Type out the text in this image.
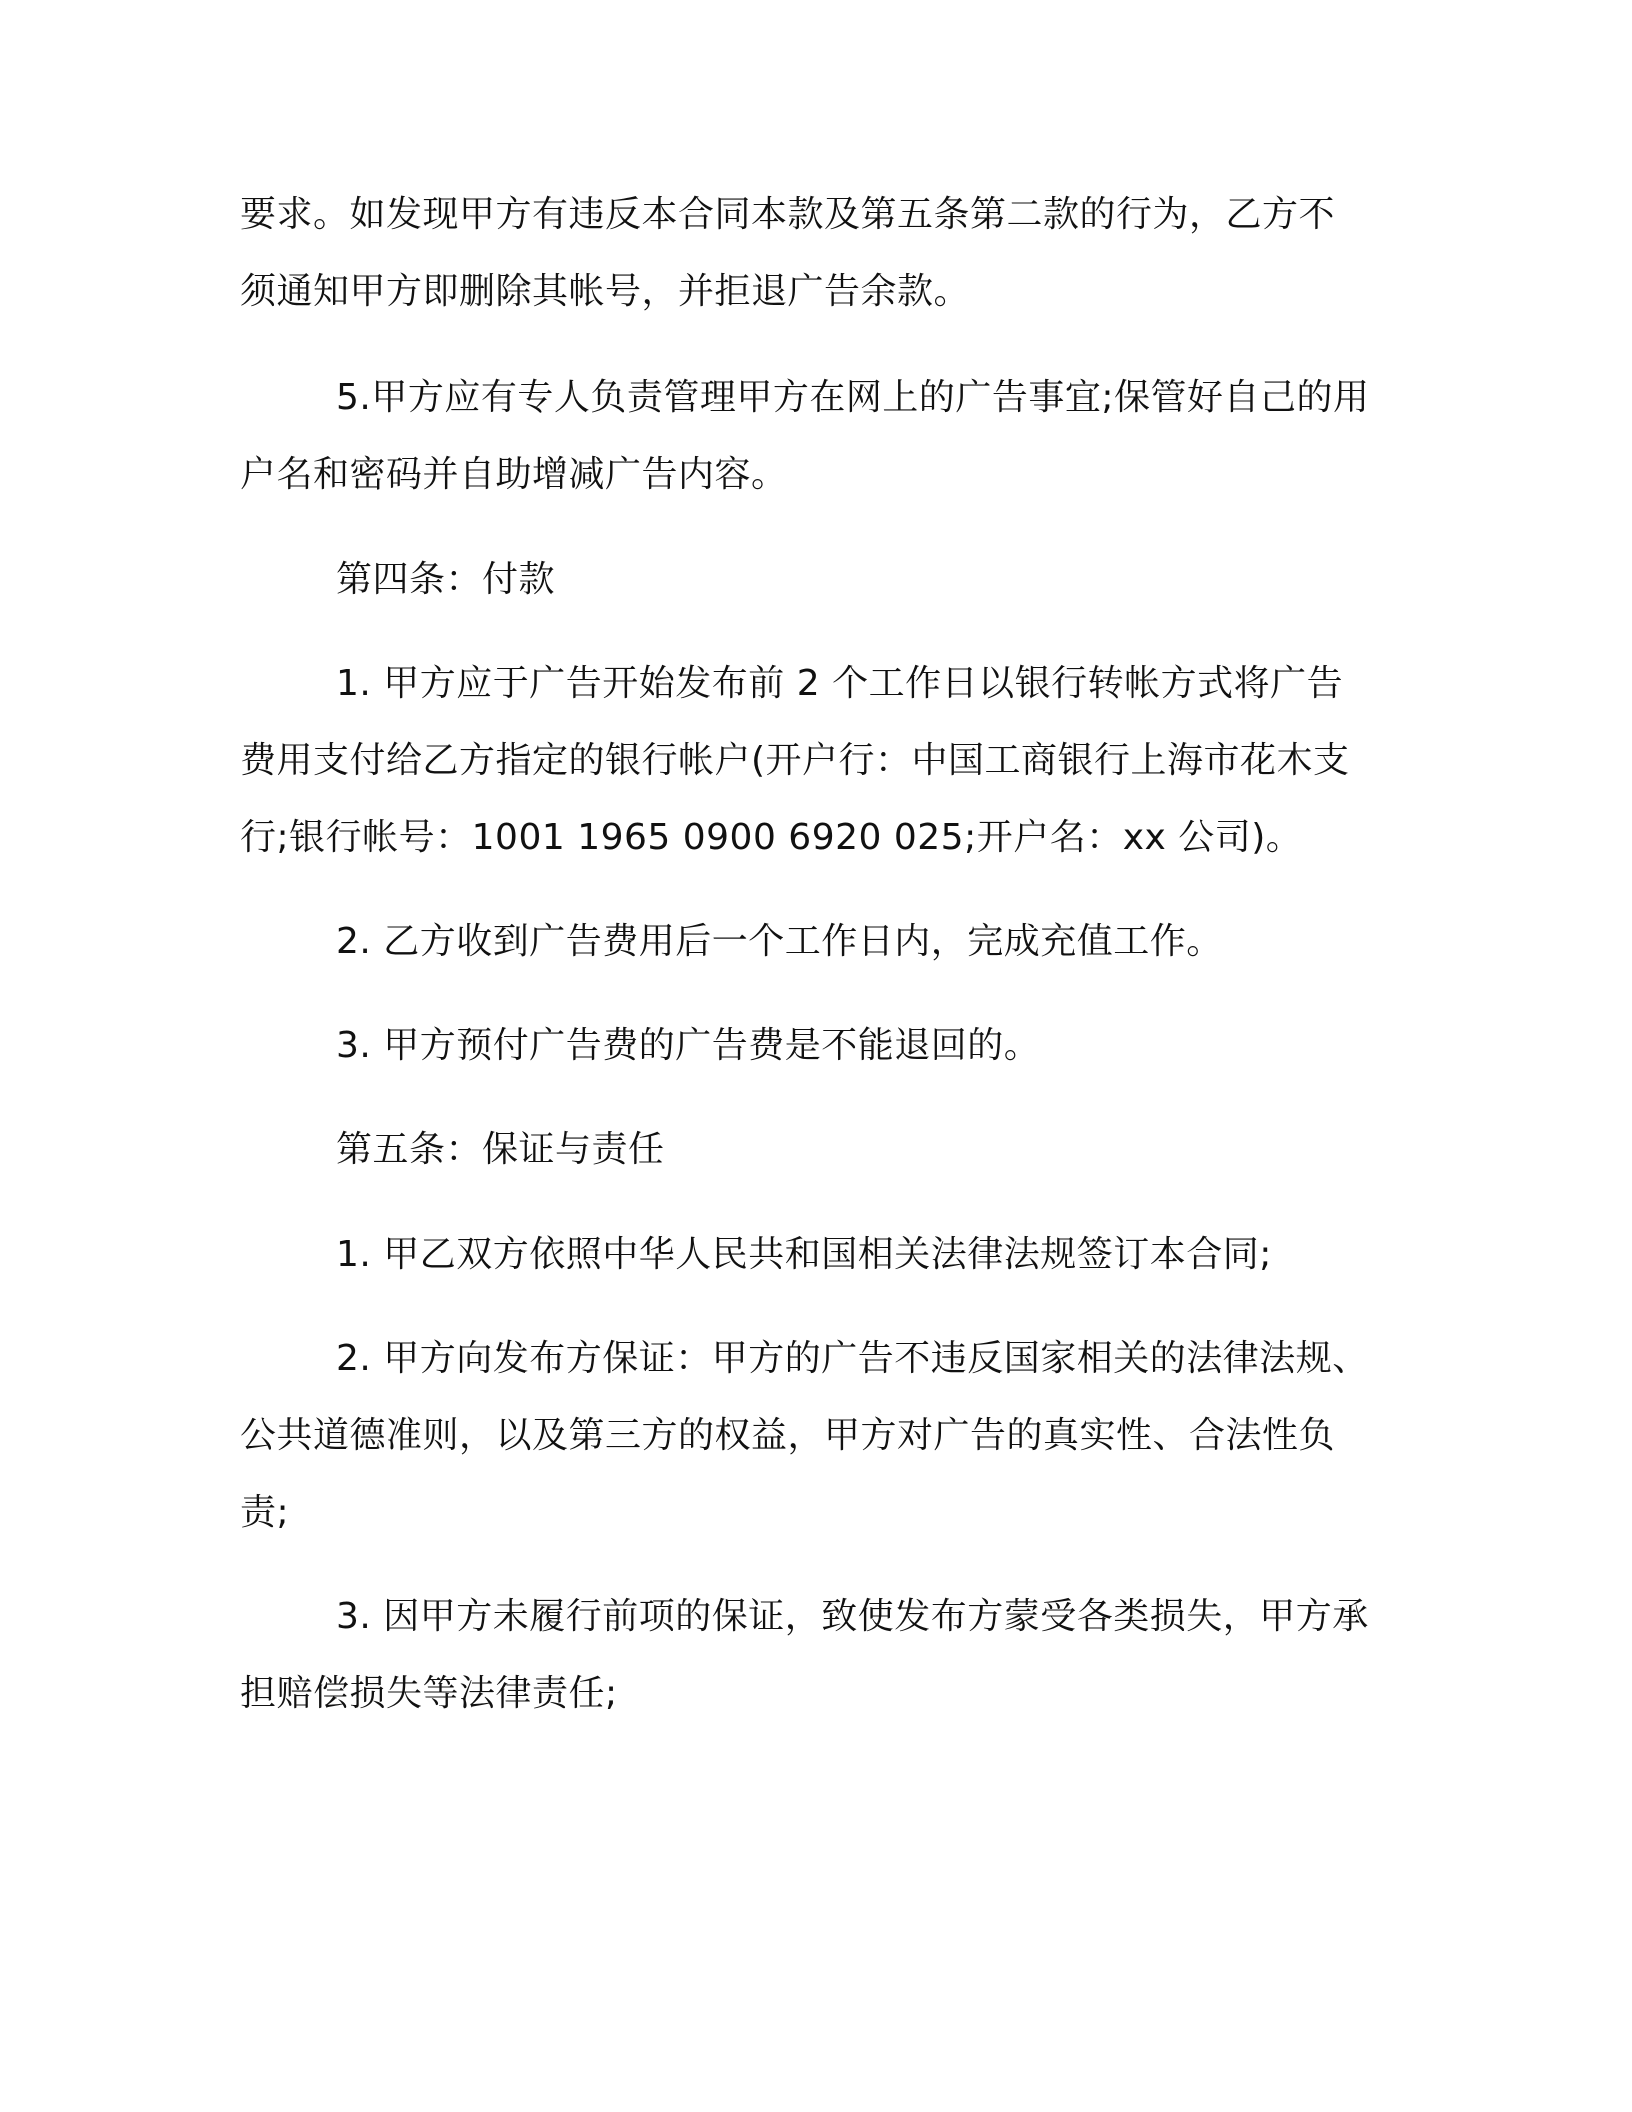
要求。如发现甲方有违反本合同本款及第五条第二款的行为，乙方不
须通知甲方即删除其帐号，并拒退广告余款。

5.甲方应有专人负责管理甲方在网上的广告事宜;保管好自己的用
户名和密码并自助增减广告内容。

第四条：付款

1. 甲方应于广告开始发布前 2 个工作日以银行转帐方式将广告
费用支付给乙方指定的银行帐户(开户行：中国工商银行上海市花木支
行;银行帐号：1001 1965 0900 6920 025;开户名：xx 公司)。

2. 乙方收到广告费用后一个工作日内，完成充值工作。

3. 甲方预付广告费的广告费是不能退回的。

第五条：保证与责任

1. 甲乙双方依照中华人民共和国相关法律法规签订本合同;

2. 甲方向发布方保证：甲方的广告不违反国家相关的法律法规、
公共道德准则，以及第三方的权益，甲方对广告的真实性、合法性负
责;

3. 因甲方未履行前项的保证，致使发布方蒙受各类损失，甲方承
担赔偿损失等法律责任;
